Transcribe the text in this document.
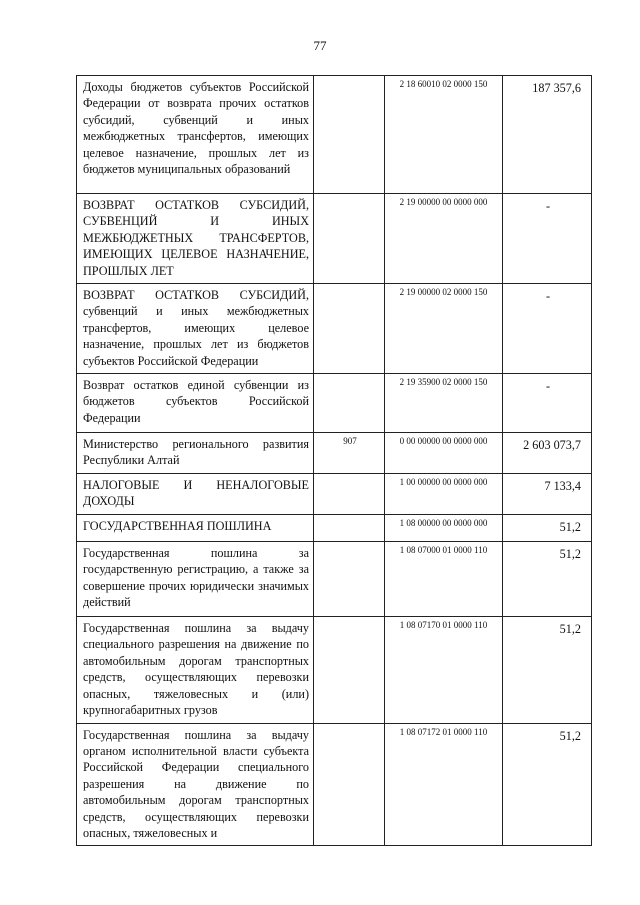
77
Доходы бюджетов субъектов Российской Федерации от возврата прочих остатков субсидий, субвенций и иных межбюджетных трансфертов, имеющих целевое назначение, прошлых лет из бюджетов муниципальных образований		2 18 60010 02 0000 150	187 357,6
ВОЗВРАТ ОСТАТКОВ СУБСИДИЙ, СУБВЕНЦИЙ И ИНЫХ МЕЖБЮДЖЕТНЫХ ТРАНСФЕРТОВ, ИМЕЮЩИХ ЦЕЛЕВОЕ НАЗНАЧЕНИЕ, ПРОШЛЫХ ЛЕТ		2 19 00000 00 0000 000	-
ВОЗВРАТ ОСТАТКОВ СУБСИДИЙ, субвенций и иных межбюджетных трансфертов, имеющих целевое назначение, прошлых лет из бюджетов субъектов Российской Федерации		2 19 00000 02 0000 150	-
Возврат остатков единой субвенции из бюджетов субъектов Российской Федерации		2 19 35900 02 0000 150	-
Министерство регионального развития Республики Алтай	907	0 00 00000 00 0000 000	2 603 073,7
НАЛОГОВЫЕ И НЕНАЛОГОВЫЕ ДОХОДЫ		1 00 00000 00 0000 000	7 133,4
ГОСУДАРСТВЕННАЯ ПОШЛИНА		1 08 00000 00 0000 000	51,2
Государственная пошлина за государственную регистрацию, а также за совершение прочих юридически значимых действий		1 08 07000 01 0000 110	51,2
Государственная пошлина за выдачу специального разрешения на движение по автомобильным дорогам транспортных средств, осуществляющих перевозки опасных, тяжеловесных и (или) крупногабаритных грузов		1 08 07170 01 0000 110	51,2
Государственная пошлина за выдачу органом исполнительной власти субъекта Российской Федерации специального разрешения на движение по автомобильным дорогам транспортных средств, осуществляющих перевозки опасных, тяжеловесных и		1 08 07172 01 0000 110	51,2
